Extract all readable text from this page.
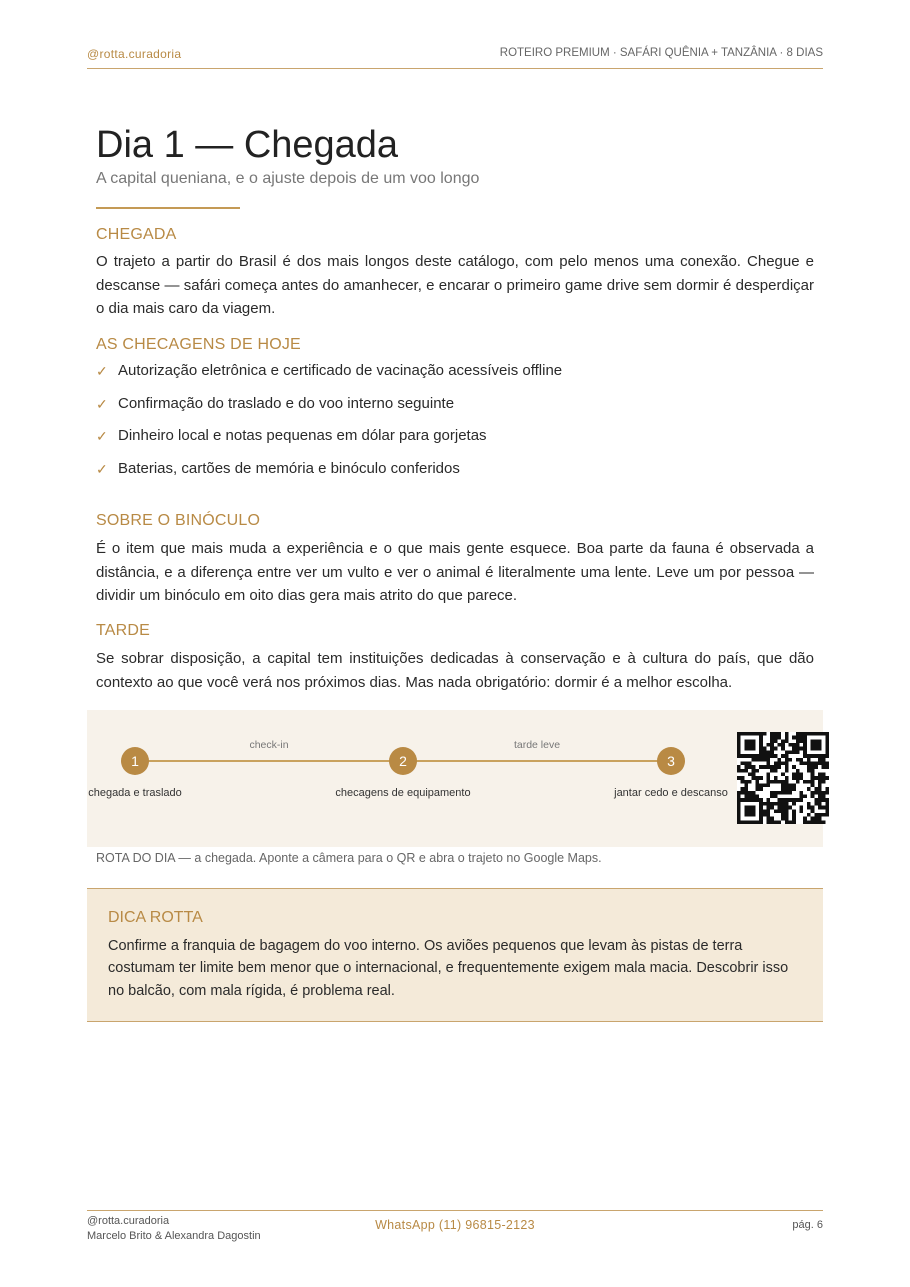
@rotta.curadoria	ROTEIRO PREMIUM · SAFÁRI QUÊNIA + TANZÂNIA · 8 DIAS
Dia 1 — Chegada
A capital queniana, e o ajuste depois de um voo longo
CHEGADA

O trajeto a partir do Brasil é dos mais longos deste catálogo, com pelo menos uma conexão. Chegue e descanse — safári começa antes do amanhecer, e encarar o primeiro game drive sem dormir é desperdiçar o dia mais caro da viagem.

AS CHECAGENS DE HOJE
✓ Autorização eletrônica e certificado de vacinação acessíveis offline
✓ Confirmação do traslado e do voo interno seguinte
✓ Dinheiro local e notas pequenas em dólar para gorjetas
✓ Baterias, cartões de memória e binóculo conferidos
SOBRE O BINÓCULO

É o item que mais muda a experiência e o que mais gente esquece. Boa parte da fauna é observada a distância, e a diferença entre ver um vulto e ver o animal é literalmente uma lente. Leve um por pessoa — dividir um binóculo em oito dias gera mais atrito do que parece.

TARDE

Se sobrar disposição, a capital tem instituições dedicadas à conservação e à cultura do país, que dão contexto ao que você verá nos próximos dias. Mas nada obrigatório: dormir é a melhor escolha.

check-in	tarde leve
1	2	3
chegada e traslado	checagens de equipamento	jantar cedo e descanso
ROTA DO DIA — a chegada. Aponte a câmera para o QR e abra o trajeto no Google Maps.
DICA ROTTA

Confirme a franquia de bagagem do voo interno. Os aviões pequenos que levam às pistas de terra costumam ter limite bem menor que o internacional, e frequentemente exigem mala macia. Descobrir isso no balcão, com mala rígida, é problema real.

@rotta.curadoria
Marcelo Brito & Alexandra Dagostin
WhatsApp (11) 96815-2123	pág. 6
